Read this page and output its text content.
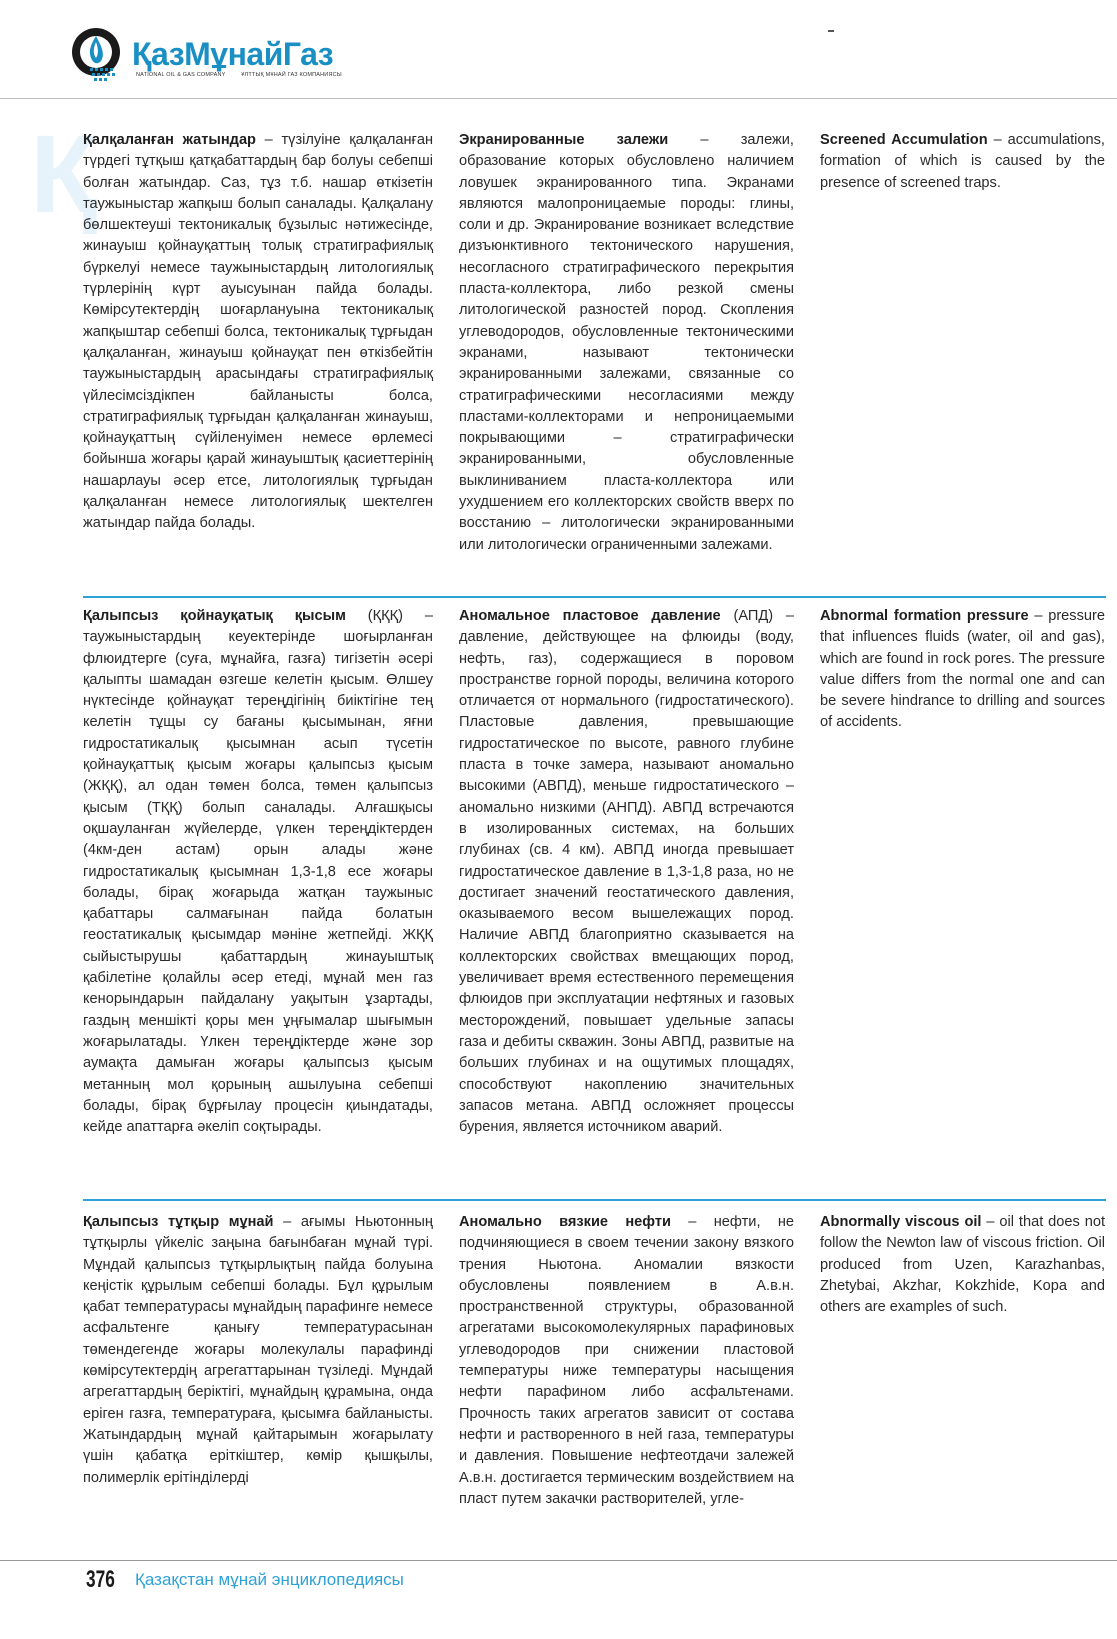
ҚазМұнайГаз
NATIONAL OIL & GAS COMPANY	ҰЛТТЫҚ МҰНАЙ ГАЗ КОМПАНИЯСЫ
Қ

Қалқаланған жатындар – түзілуіне қалқаланған түрдегі тұтқыш қатқабаттардың бар болуы себепші болған жатындар. Саз, тұз т.б. нашар өткізетін таужыныстар жапқыш болып саналады. Қалқалану бөлшектеуші тектоникалық бұзылыс нәтижесінде, жинауыш қойнауқаттың толық стратиграфиялық бүркелуі немесе таужыныстардың литологиялық түрлерінің күрт ауысуынан пайда болады. Көмірсутектердің шоғарлануына тектоникалық жапқыштар себепші болса, тектоникалық тұрғыдан қалқаланған, жинауыш қойнауқат пен өткізбейтін таужыныстардың арасындағы стратиграфиялық үйлесімсіздікпен байланысты болса, стратиграфиялық тұрғыдан қалқаланған жинауыш, қойнауқаттың сүйіленуімен немесе өрлемесі бойынша жоғары қарай жинауыштық қасиеттерінің нашарлауы әсер етсе, литологиялық тұрғыдан қалқаланған немесе литологиялық шектелген жатындар пайда болады.

Экранированные залежи – залежи, образование которых обусловлено наличием ловушек экранированного типа. Экранами являются малопроницаемые породы: глины, соли и др. Экранирование возникает вследствие дизъюнктивного тектонического нарушения, несогласного стратиграфического перекрытия пласта-коллектора, либо резкой смены литологической разностей пород. Скопления углеводородов, обусловленные тектоническими экранами, называют тектонически экранированными залежами, связанные со стратиграфическими несогласиями между пластами-коллекторами и непроницаемыми покрывающими – стратиграфически экранированными, обусловленные выклиниванием пласта-коллектора или ухудшением его коллекторских свойств вверх по восстанию – литологически экранированными или литологически ограниченными залежами.

Screened Accumulation – accumulations, formation of which is caused by the presence of screened traps.

Қалыпсыз қойнауқатық қысым (ҚҚҚ) – таужыныстардың кеуектерінде шоғырланған флюидтерге (суға, мұнайға, газға) тигізетін әсері қалыпты шамадан өзгеше келетін қысым. Өлшеу нүктесінде қойнауқат тереңдігінің биіктігіне тең келетін тұщы су бағаны қысымынан, яғни гидростатикалық қысымнан асып түсетін қойнауқаттық қысым жоғары қалыпсыз қысым (ЖҚҚ), ал одан төмен болса, төмен қалыпсыз қысым (ТҚҚ) болып саналады. Алғашқысы оқшауланған жүйелерде, үлкен тереңдіктерден (4км-ден астам) орын алады және гидростатикалық қысымнан 1,3-1,8 есе жоғары болады, бірақ жоғарыда жатқан таужыныс қабаттары салмағынан пайда болатын геостатикалық қысымдар мәніне жетпейді. ЖҚҚ сыйыстырушы қабаттардың жинауыштық қабілетіне қолайлы әсер етеді, мұнай мен газ кенорындарын пайдалану уақытын ұзартады, газдың меншікті қоры мен ұңғымалар шығымын жоғарылатады. Үлкен тереңдіктерде және зор аумақта дамыған жоғары қалыпсыз қысым метанның мол қорының ашылуына себепші болады, бірақ бұрғылау процесін қиындатады, кейде апаттарға әкеліп соқтырады.

Аномальное пластовое давление (АПД) – давление, действующее на флюиды (воду, нефть, газ), содержащиеся в поровом пространстве горной породы, величина которого отличается от нормального (гидростатического). Пластовые давления, превышающие гидростатическое по высоте, равного глубине пласта в точке замера, называют аномально высокими (АВПД), меньше гидростатического – аномально низкими (АНПД). АВПД встречаются в изолированных системах, на больших глубинах (св. 4 км). АВПД иногда превышает гидростатическое давление в 1,3-1,8 раза, но не достигает значений геостатического давления, оказываемого весом вышележащих пород. Наличие АВПД благоприятно сказывается на коллекторских свойствах вмещающих пород, увеличивает время естественного перемещения флюидов при эксплуатации нефтяных и газовых месторождений, повышает удельные запасы газа и дебиты скважин. Зоны АВПД, развитые на больших глубинах и на ощутимых площадях, способствуют накоплению значительных запасов метана. АВПД осложняет процессы бурения, является источником аварий.

Abnormal formation pressure – pressure that influences fluids (water, oil and gas), which are found in rock pores. The pressure value differs from the normal one and can be severe hindrance to drilling and sources of accidents.

Қалыпсыз тұтқыр мұнай – ағымы Ньютонның тұтқырлы үйкеліс заңына бағынбаған мұнай түрі. Мұндай қалыпсыз тұтқырлықтың пайда болуына кеңістік құрылым себепші болады. Бұл құрылым қабат температурасы мұнайдың парафинге немесе асфальтенге қанығу температурасынан төмендегенде жоғары молекулалы парафинді көмірсутектердің агрегаттарынан түзіледі. Мұндай агрегаттардың беріктігі, мұнайдың құрамына, онда еріген газға, температураға, қысымға байланысты. Жатындардың мұнай қайтарымын жоғарылату үшін қабатқа еріткіштер, көмір қышқылы, полимерлік ерітінділерді

Аномально вязкие нефти – нефти, не подчиняющиеся в своем течении закону вязкого трения Ньютона. Аномалии вязкости обусловлены появлением в А.в.н. пространственной структуры, образованной агрегатами высокомолекулярных парафиновых углеводородов при снижении пластовой температуры ниже температуры насыщения нефти парафином либо асфальтенами. Прочность таких агрегатов зависит от состава нефти и растворенного в ней газа, температуры и давления. Повышение нефтеотдачи залежей А.в.н. достигается термическим воздействием на пласт путем закачки растворителей, угле-

Abnormally viscous oil – oil that does not follow the Newton law of viscous friction. Oil produced from Uzen, Karazhanbas, Zhetybai, Akzhar, Kokzhide, Kopa and others are examples of such.

376 Қазақстан мұнай энциклопедиясы
